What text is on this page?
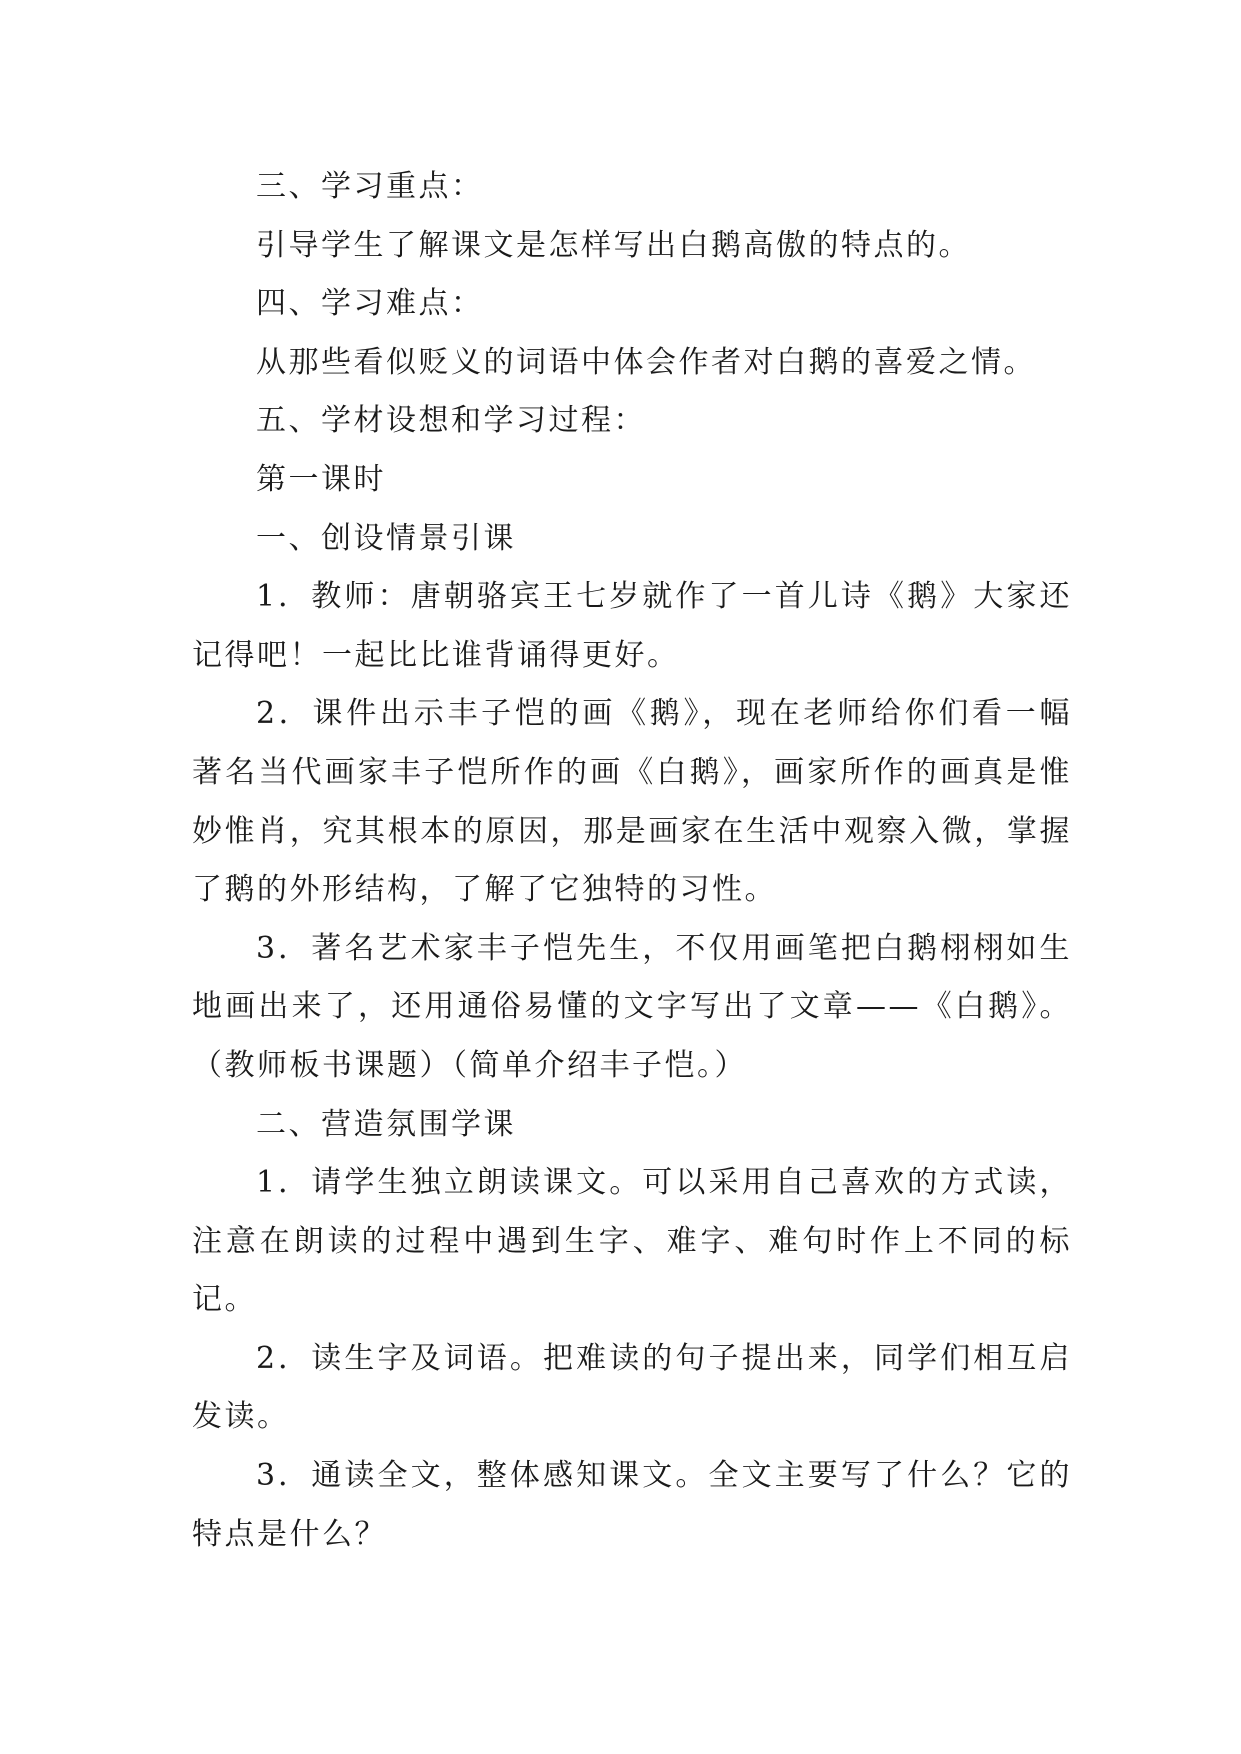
三、学习重点：

引导学生了解课文是怎样写出白鹅高傲的特点的。

四、学习难点：

从那些看似贬义的词语中体会作者对白鹅的喜爱之情。

五、学材设想和学习过程：

第一课时

一、创设情景引课

1．教师：唐朝骆宾王七岁就作了一首儿诗《鹅》大家还记得吧！一起比比谁背诵得更好。

2．课件出示丰子恺的画《鹅》，现在老师给你们看一幅著名当代画家丰子恺所作的画《白鹅》，画家所作的画真是惟妙惟肖，究其根本的原因，那是画家在生活中观察入微，掌握了鹅的外形结构，了解了它独特的习性。

3．著名艺术家丰子恺先生，不仅用画笔把白鹅栩栩如生地画出来了，还用通俗易懂的文字写出了文章——《白鹅》。（教师板书课题）（简单介绍丰子恺。）

二、营造氛围学课

1．请学生独立朗读课文。可以采用自己喜欢的方式读，注意在朗读的过程中遇到生字、难字、难句时作上不同的标记。

2．读生字及词语。把难读的句子提出来，同学们相互启发读。

3．通读全文，整体感知课文。全文主要写了什么？它的特点是什么？
